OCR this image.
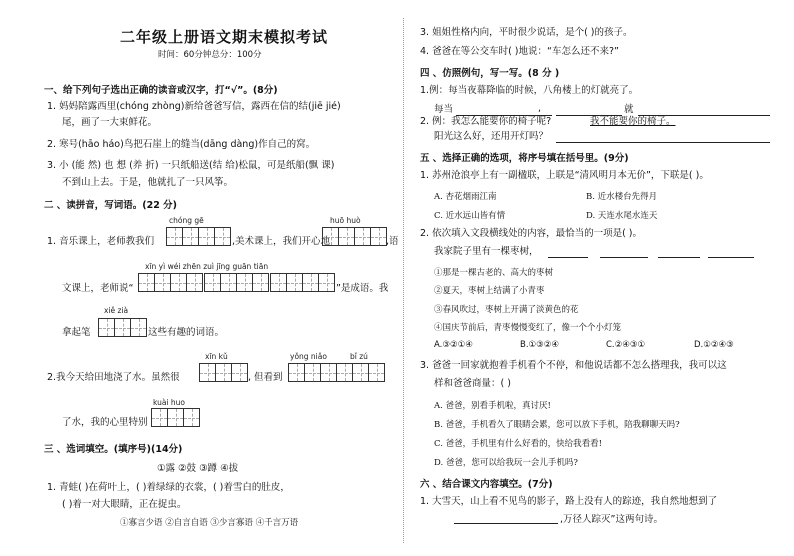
二年级上册语文期末模拟考试
时间：60分钟总分：100分
一、给下列句子选出正确的读音或汉字，打“√”。(8分)
1. 妈妈陪露西里(chóng zhòng)新给爸爸写信，露西在信的结(jiē jié)
尾，画了一大束鲜花。
2. 寒号(hāo háo)鸟把石崖上的缝当(dāng dàng)作自己的窝。
3. 小 (能 然) 也 想 (养 折) 一只纸船送(结 给)松鼠，可是纸船(飘 课)
不到山上去。于是，他就扎了一只风筝。
二 、读拼音，写词语。(22 分)
chóng gē	huō huò
1. 音乐课上，老师教我们	,美术课上，我们开心地	,语
xīn yì wéi zhēn zuì jīng guān tiān
文课上，老师说“	”是成语。我
xiě zià
拿起笔	这些有趣的词语。
xīn kǔ	yǒng niǎo	bǐ zú
2.我今天给田地浇了水。虽然很	, 但看到
kuài huo
了水，我的心里特别
三 、选词填空。(填序号)(14分)
①露 ②鼓 ③蹲 ④拔
1. 青蛙( )在荷叶上，( )着绿绿的衣裳，( )着雪白的肚皮，
( )着一对大眼睛，正在捉虫。
①寡言少语 ②自言自语 ③少言寡语 ④千言万语
3. 姐姐性格内向，平时很少说话，是个( )的孩子。
4. 爸爸在等公交车时( )地说：“车怎么还不来?”
四 、仿照例句，写一写。(8 分 )
1.例：每当夜幕降临的时候，八角楼上的灯就亮了。
每当	,	就
2. 例：我怎么能要你的椅子呢?	我不能要你的椅子。
阳光这么好，还用开灯吗？
五 、选择正确的选项，将序号填在括号里。(9分)
1. 苏州沧浪亭上有一副楹联，上联是“清风明月本无价”，下联是( )。
A. 杏花烟雨江南	B. 近水楼台先得月
C. 近水远山皆有情	D. 天连水尾水连天
2. 依次填入文段横线处的内容，最恰当的一项是( )。
我家院子里有一棵枣树，
①那是一棵古老的、高大的枣树
②夏天，枣树上结满了小青枣
③春风吹过，枣树上开满了淡黄色的花
④国庆节前后，青枣慢慢变红了，像一个个小灯笼
A.③②①④	B.①③②④	C.②④③①	D.①②④③
3. 爸爸一回家就抱着手机看个不停，和他说话都不怎么搭理我，我可以这
样和爸爸商量：( )
A. 爸爸，别看手机啦，真讨厌!
B. 爸爸，手机看久了眼睛会累，您可以放下手机，陪我聊聊天吗?
C. 爸爸，手机里有什么好看的，快给我看看!
D. 爸爸，您可以给我玩一会儿手机吗?
六 、结合课文内容填空。(7分)
1. 大雪天，山上看不见鸟的影子，路上没有人的踪迹，我自然地想到了
,万径人踪灭”这两句诗。
